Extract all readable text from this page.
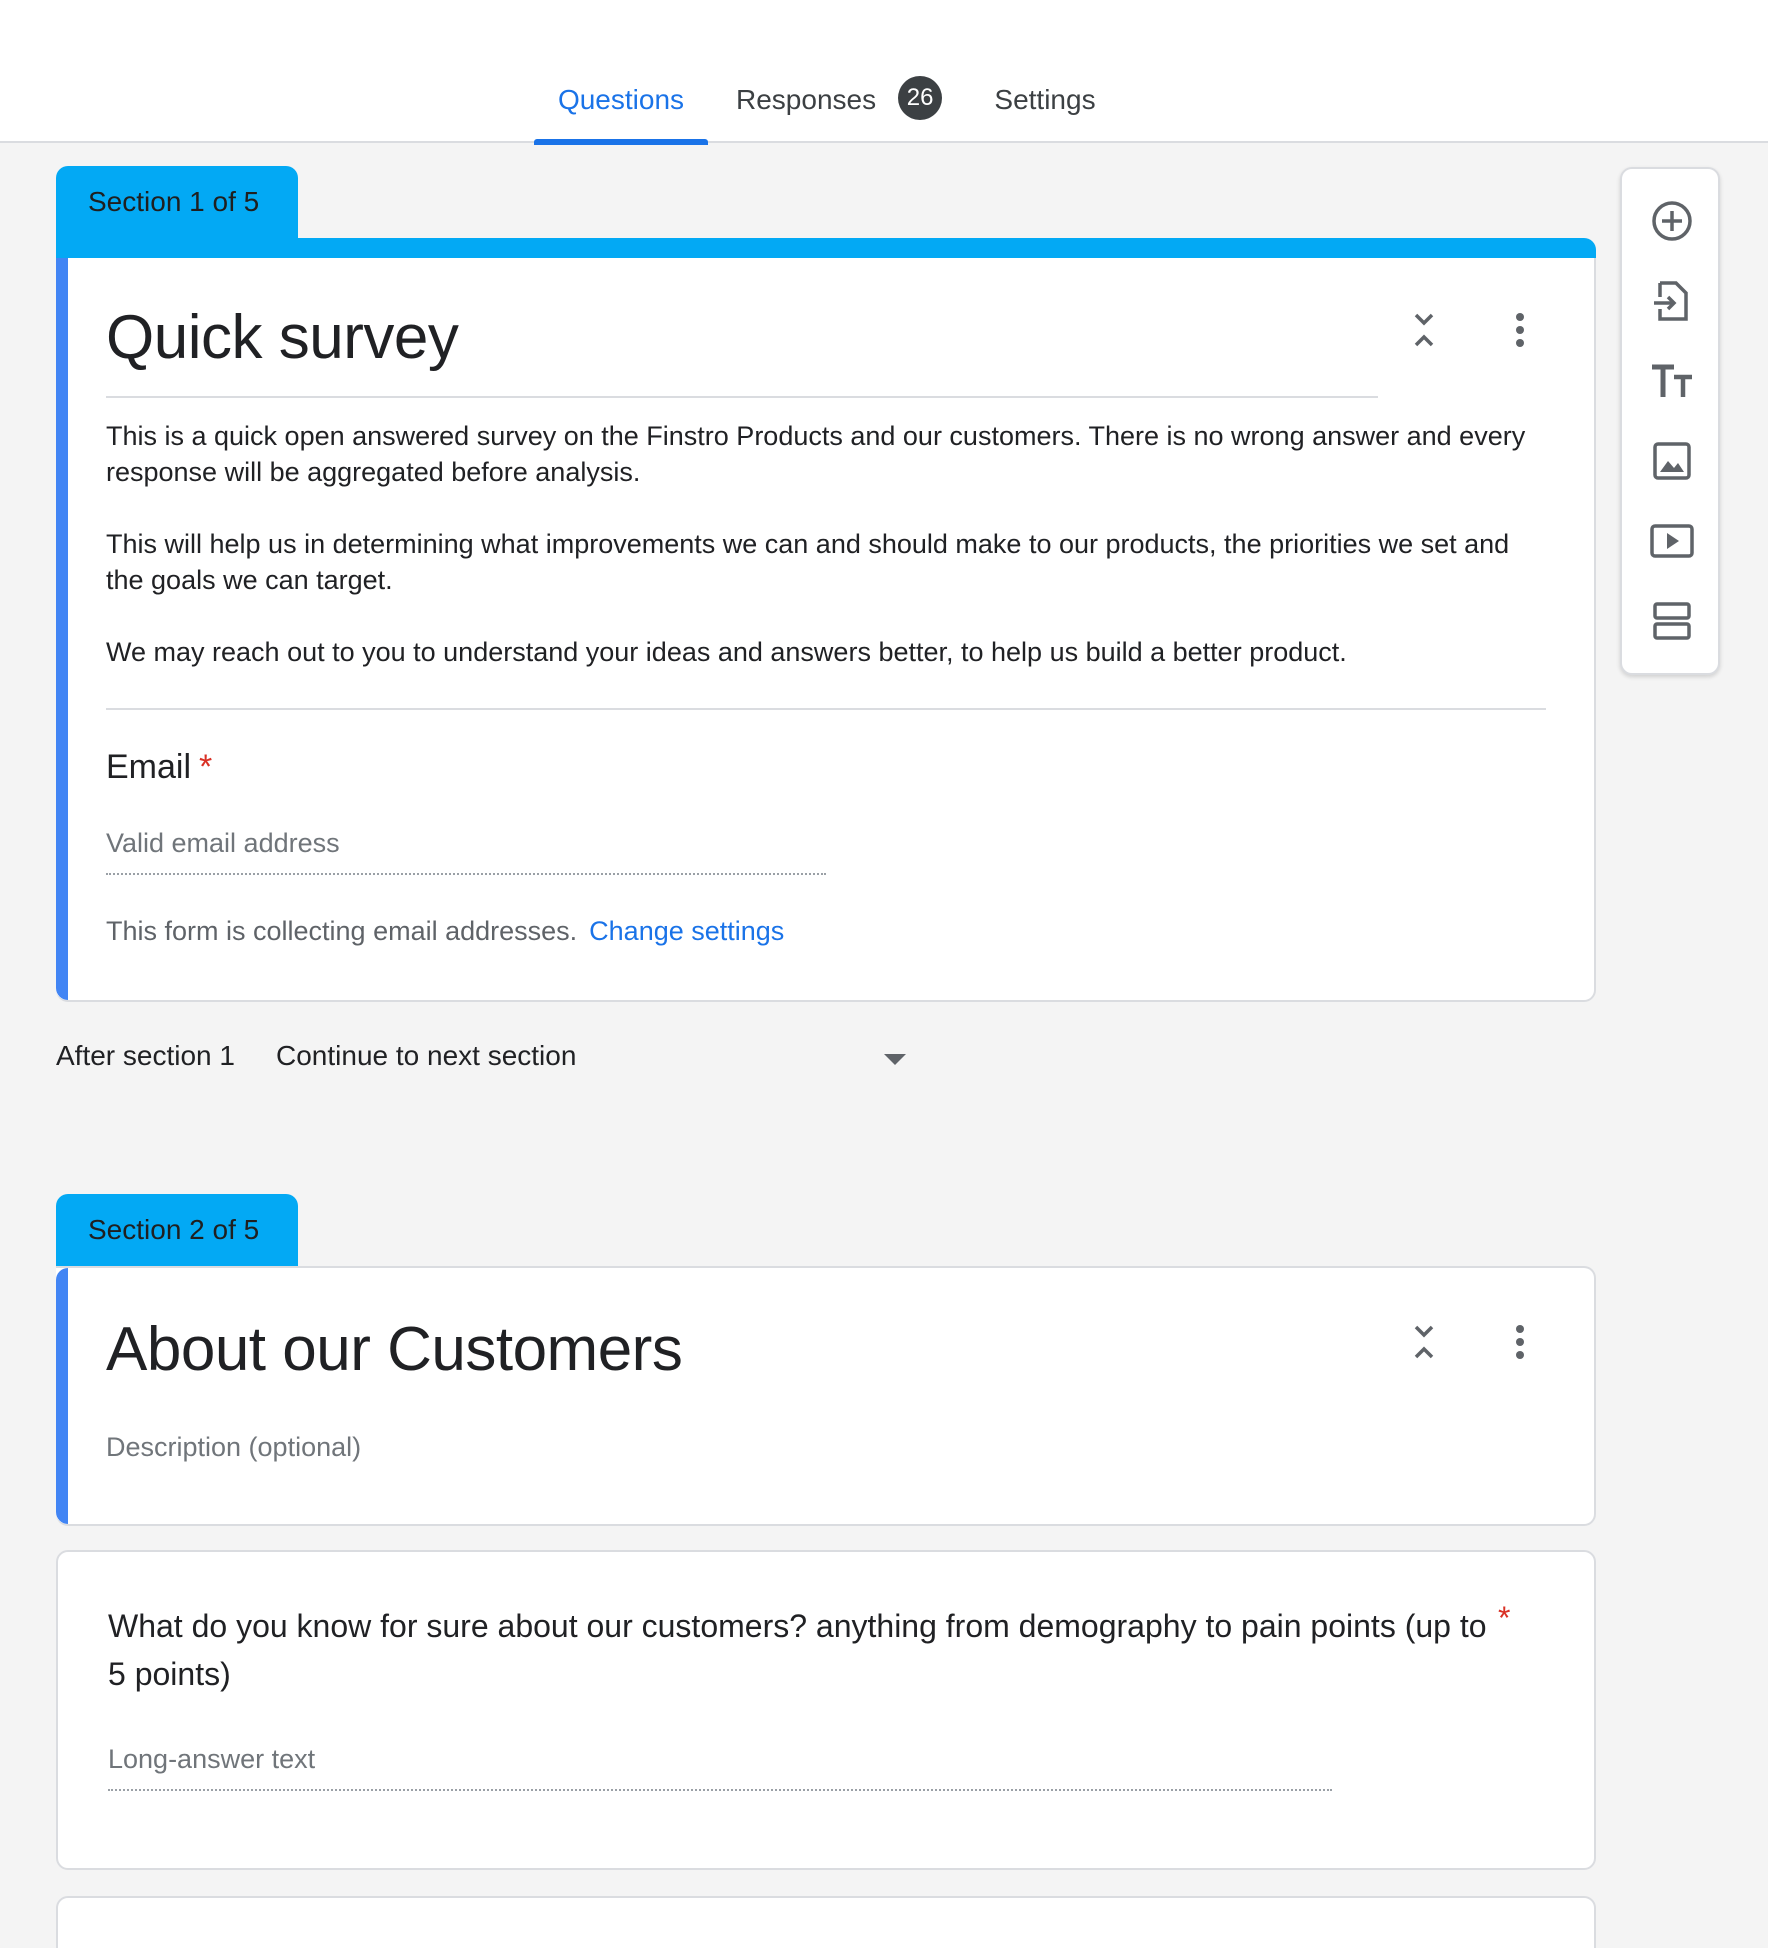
Questions Responses	26	Settings
Section 1 of 5
Quick survey

This is a quick open answered survey on the Finstro Products and our customers. There is no wrong answer and every response will be aggregated before analysis.

This will help us in determining what improvements we can and should make to our products, the priorities we set and the goals we can target.

We may reach out to you to understand your ideas and answers better, to help us build a better product.

Email *
Valid email address
This form is collecting email addresses. Change settings
After section 1 Continue to next section
Section 2 of 5
About our Customers
Description (optional)
What do you know for sure about our customers? anything from demography to pain points (up to 5 points)
*
Long-answer text
